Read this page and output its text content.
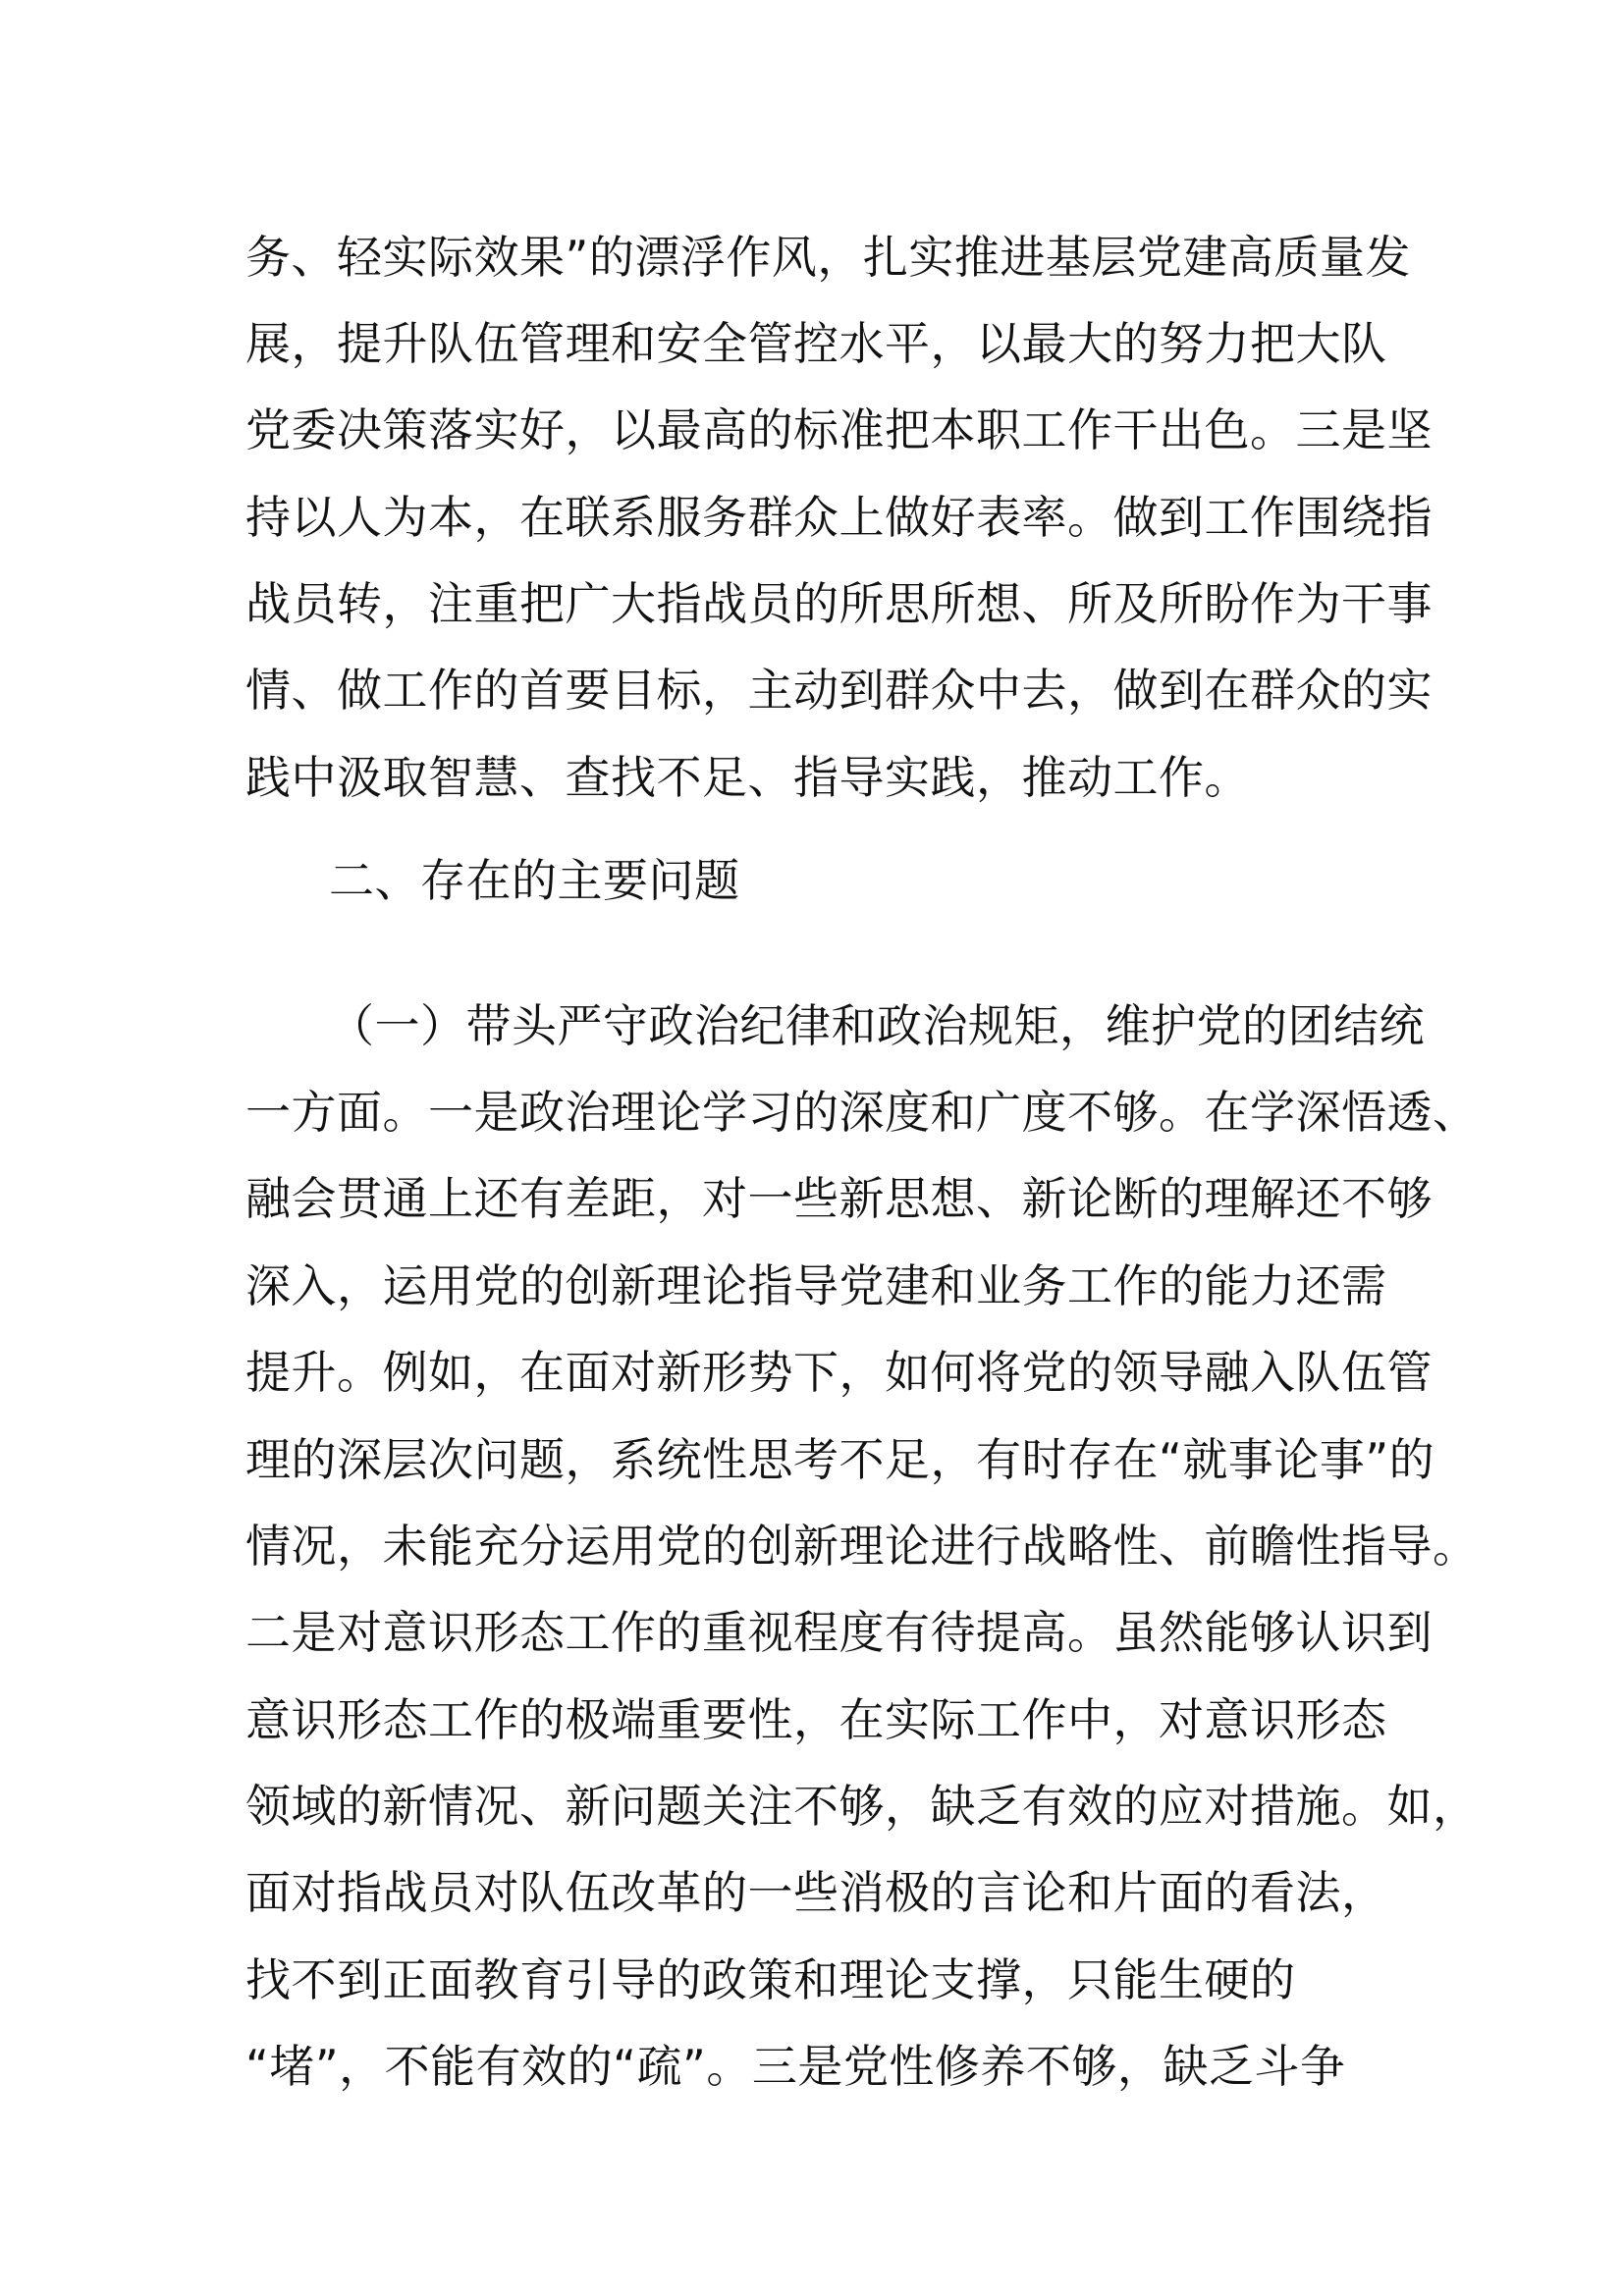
务、轻实际效果”的漂浮作风，扎实推进基层党建高质量发
展，提升队伍管理和安全管控水平，以最大的努力把大队
党委决策落实好，以最高的标准把本职工作干出色。三是坚
持以人为本，在联系服务群众上做好表率。做到工作围绕指
战员转，注重把广大指战员的所思所想、所及所盼作为干事
情、做工作的首要目标，主动到群众中去，做到在群众的实
践中汲取智慧、查找不足、指导实践，推动工作。
二、存在的主要问题
（一）带头严守政治纪律和政治规矩，维护党的团结统
一方面。一是政治理论学习的深度和广度不够。在学深悟透、
融会贯通上还有差距，对一些新思想、新论断的理解还不够
深入，运用党的创新理论指导党建和业务工作的能力还需
提升。例如，在面对新形势下，如何将党的领导融入队伍管
理的深层次问题，系统性思考不足，有时存在“就事论事”的
情况，未能充分运用党的创新理论进行战略性、前瞻性指导。
二是对意识形态工作的重视程度有待提高。虽然能够认识到
意识形态工作的极端重要性，在实际工作中，对意识形态
领域的新情况、新问题关注不够，缺乏有效的应对措施。如，
面对指战员对队伍改革的一些消极的言论和片面的看法，
找不到正面教育引导的政策和理论支撑，只能生硬的
“堵”，不能有效的“疏”。三是党性修养不够，缺乏斗争
